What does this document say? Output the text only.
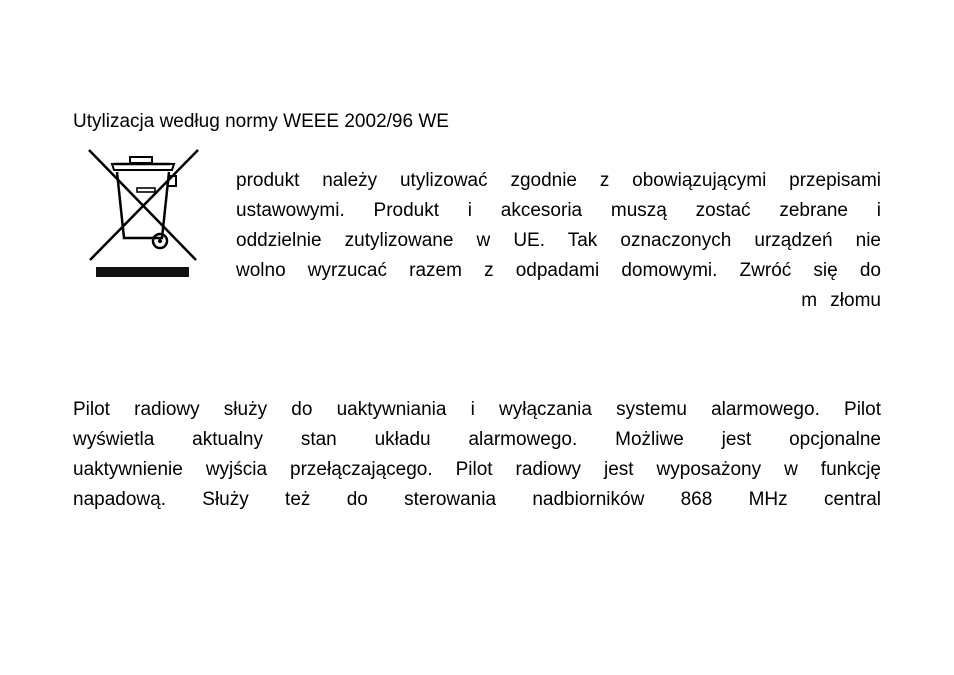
Utylizacja według normy WEEE 2002/96 WE
produkt należy utylizować zgodnie z obowiązującymi przepisami
ustawowymi. Produkt i akcesoria muszą zostać zebrane i
oddzielnie zutylizowane w UE. Tak oznaczonych urządzeń nie
wolno wyrzucać razem z odpadami domowymi. Zwróć się do
m złomu
Pilot radiowy służy do uaktywniania i wyłączania systemu alarmowego. Pilot
wyświetla aktualny stan układu alarmowego. Możliwe jest opcjonalne
uaktywnienie wyjścia przełączającego. Pilot radiowy jest wyposażony w funkcję
napadową. Służy też do sterowania nadbiorników 868 MHz central
